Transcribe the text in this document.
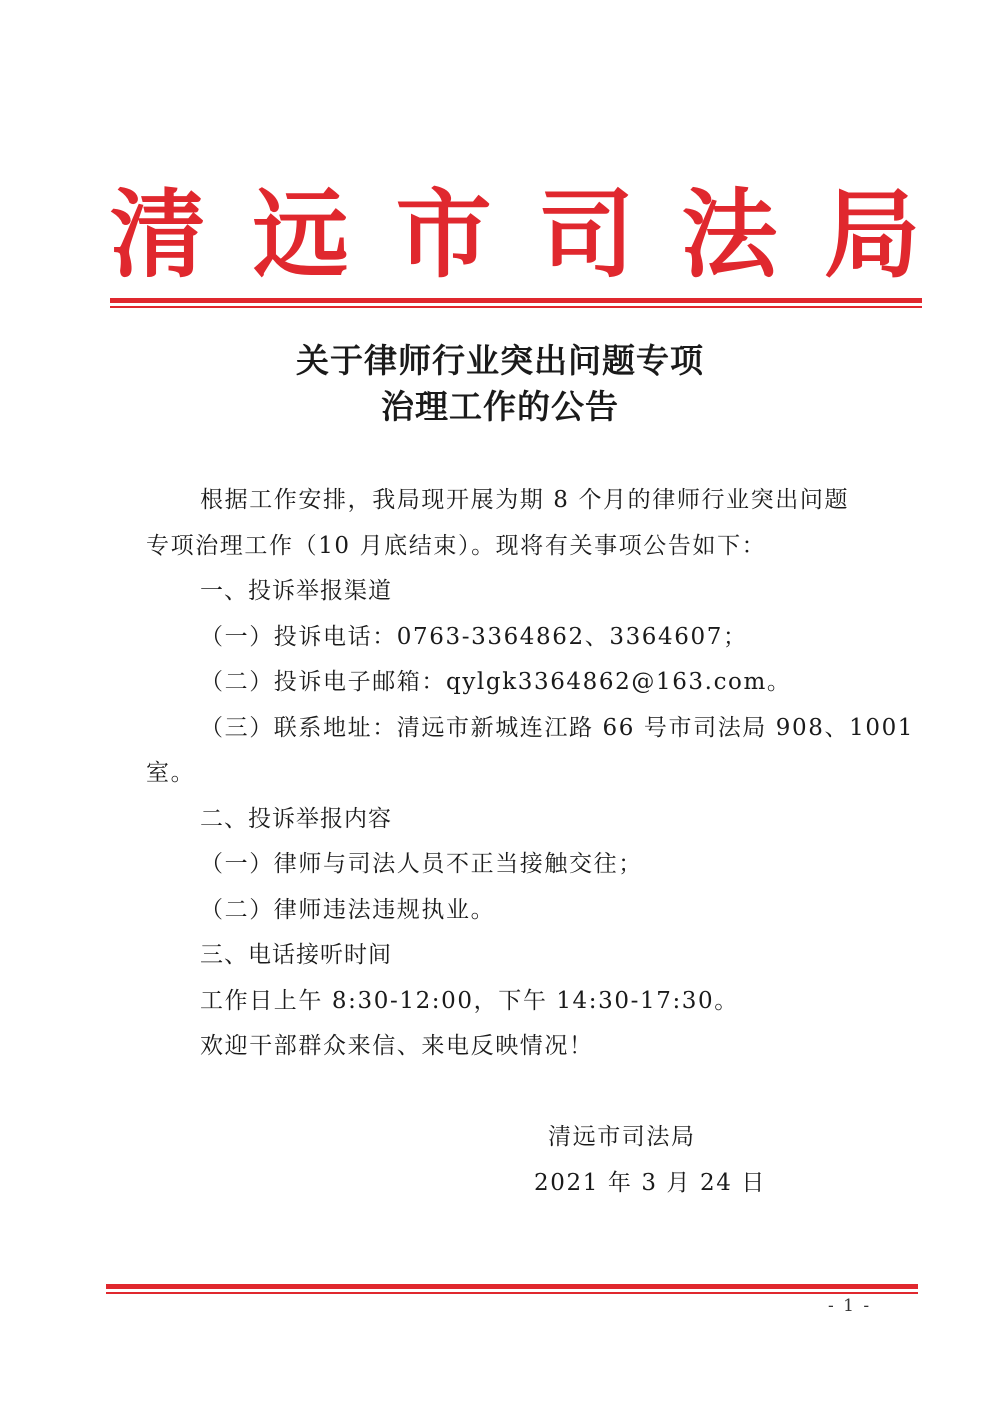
清 远 市 司 法 局
关于律师行业突出问题专项
治理工作的公告
根据工作安排，我局现开展为期 8 个月的律师行业突出问题
专项治理工作（10 月底结束）。现将有关事项公告如下：
一、投诉举报渠道
（一）投诉电话：0763-3364862、3364607；
（二）投诉电子邮箱：qylgk3364862@163.com。
（三）联系地址：清远市新城连江路 66 号市司法局 908、1001
室。
二、投诉举报内容
（一）律师与司法人员不正当接触交往；
（二）律师违法违规执业。
三、电话接听时间
工作日上午 8:30-12:00，下午 14:30-17:30。
欢迎干部群众来信、来电反映情况！
清远市司法局
2021 年 3 月 24 日
- 1 -
